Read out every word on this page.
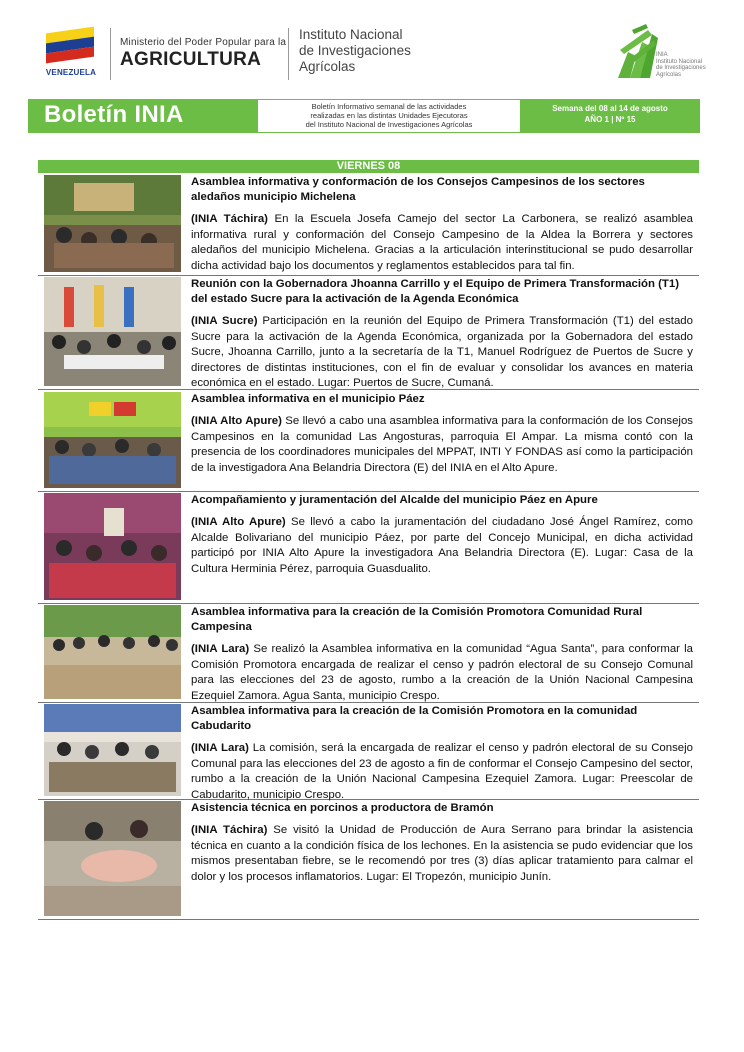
VENEZUELA
Ministerio del Poder Popular para la
AGRICULTURA
Instituto Nacional
de Investigaciones
Agrícolas
INIA
Instituto Nacional
de Investigaciones
Agrícolas
Boletín INIA	Boletín Informativo semanal de las actividades
realizadas en las distintas Unidades Ejecutoras
del Instituto Nacional de Investigaciones Agrícolas
Semana del 08 al 14 de agosto
AÑO 1 | Nº 15
VIERNES 08
Asamblea informativa y conformación de los Consejos Campesinos de los sectores aledaños municipio Michelena
(INIA Táchira) En la Escuela Josefa Camejo del sector La Carbonera, se realizó asamblea informativa rural y conformación del Consejo Campesino de la Aldea la Borrera y sectores aledaños del municipio Michelena. Gracias a la articulación interinstitucional se pudo desarrollar dicha actividad bajo los documentos y reglamentos establecidos para tal fin.
Reunión con la Gobernadora Jhoanna Carrillo y el Equipo de Primera Transformación (T1) del estado Sucre para la activación de la Agenda Económica
(INIA Sucre) Participación en la reunión del Equipo de Primera Transformación (T1) del estado Sucre para la activación de la Agenda Económica, organizada por la Gobernadora del estado Sucre, Jhoanna Carrillo, junto a la secretaría de la T1, Manuel Rodríguez de Puertos de Sucre y directores de distintas instituciones, con el fin de evaluar y consolidar los avances en materia económica en el estado. Lugar: Puertos de Sucre, Cumaná.
Asamblea informativa en el municipio Páez
(INIA Alto Apure) Se llevó a cabo una asamblea informativa para la conformación de los Consejos Campesinos en la comunidad Las Angosturas, parroquia El Ampar. La misma contó con la presencia de los coordinadores municipales del MPPAT, INTI Y FONDAS así como la participación de la investigadora Ana Belandria Directora (E) del INIA en el Alto Apure.
Acompañamiento y juramentación del Alcalde del municipio Páez en Apure
(INIA Alto Apure) Se llevó a cabo la juramentación del ciudadano José Ángel Ramírez, como Alcalde Bolivariano del municipio Páez, por parte del Concejo Municipal, en dicha actividad participó por INIA Alto Apure la investigadora Ana Belandria Directora (E). Lugar: Casa de la Cultura Herminia Pérez, parroquia Guasdualito.
Asamblea informativa para la creación de la Comisión Promotora Comunidad Rural Campesina
(INIA Lara) Se realizó la Asamblea informativa en la comunidad “Agua Santa”, para conformar la Comisión Promotora encargada de realizar el censo y padrón electoral de su Consejo Comunal para las elecciones del 23 de agosto, rumbo a la creación de la Unión Nacional Campesina Ezequiel Zamora. Agua Santa, municipio Crespo.
Asamblea informativa para la creación de la Comisión Promotora en la comunidad Cabudarito
(INIA Lara) La comisión, será la encargada de realizar el censo y padrón electoral de su Consejo Comunal para las elecciones del 23 de agosto a fin de conformar el Consejo Campesino del sector, rumbo a la creación de la Unión Nacional Campesina Ezequiel Zamora. Lugar: Preescolar de Cabudarito, municipio Crespo.
Asistencia técnica en porcinos a productora de Bramón
(INIA Táchira) Se visitó la Unidad de Producción de Aura Serrano para brindar la asistencia técnica en cuanto a la condición física de los lechones. En la asistencia se pudo evidenciar que los mismos presentaban fiebre, se le recomendó por tres (3) días aplicar tratamiento para calmar el dolor y los procesos inflamatorios. Lugar: El Tropezón, municipio Junín.
